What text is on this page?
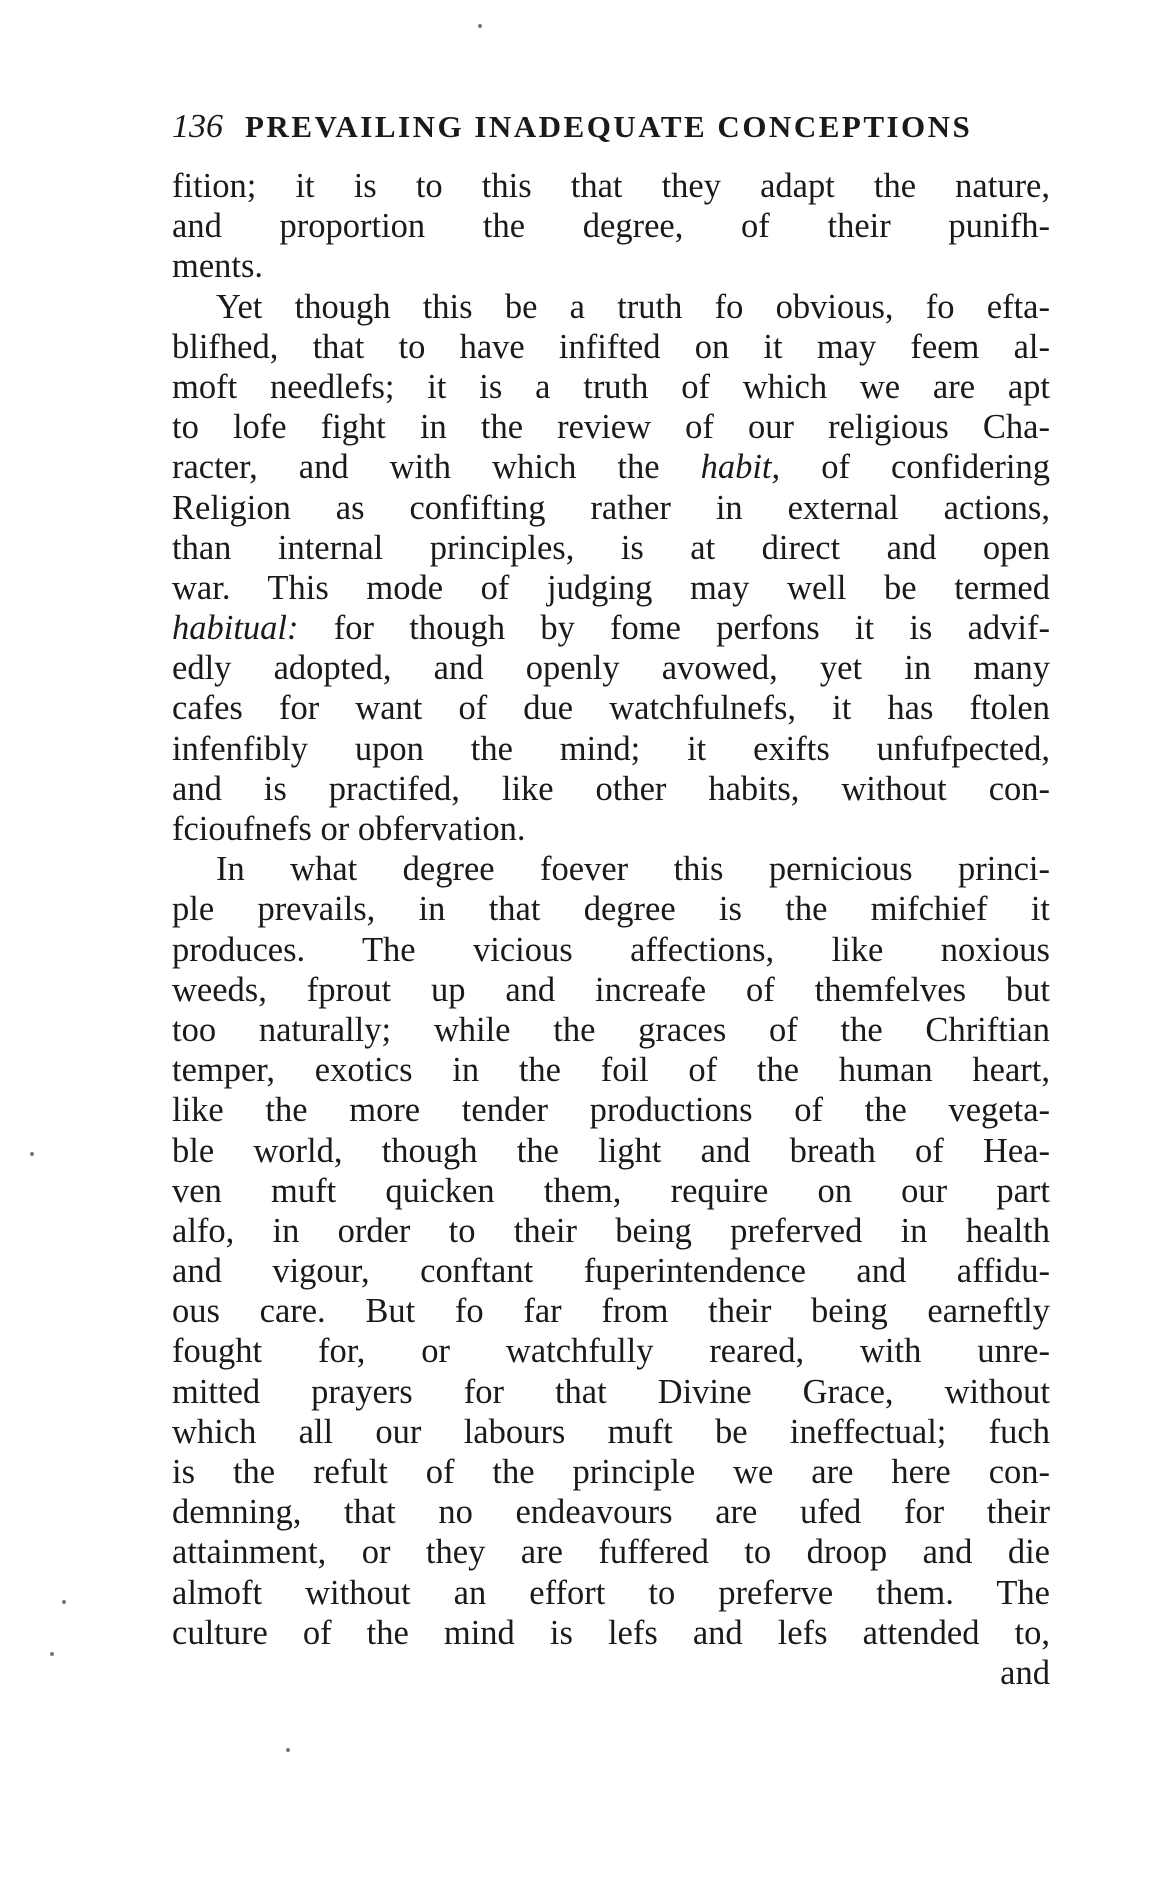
136 PREVAILING INADEQUATE CONCEPTIONS
fition; it is to this that they adapt the nature,
and proportion the degree, of their punifh-
ments.
Yet though this be a truth fo obvious, fo efta-
blifhed, that to have infifted on it may feem al-
moft needlefs; it is a truth of which we are apt
to lofe fight in the review of our religious Cha-
racter, and with which the habit, of confidering
Religion as confifting rather in external actions,
than internal principles, is at direct and open
war. This mode of judging may well be termed
habitual: for though by fome perfons it is advif-
edly adopted, and openly avowed, yet in many
cafes for want of due watchfulnefs, it has ftolen
infenfibly upon the mind; it exifts unfufpected,
and is practifed, like other habits, without con-
fcioufnefs or obfervation.
In what degree foever this pernicious princi-
ple prevails, in that degree is the mifchief it
produces. The vicious affections, like noxious
weeds, fprout up and increafe of themfelves but
too naturally; while the graces of the Chriftian
temper, exotics in the foil of the human heart,
like the more tender productions of the vegeta-
ble world, though the light and breath of Hea-
ven muft quicken them, require on our part
alfo, in order to their being preferved in health
and vigour, conftant fuperintendence and affidu-
ous care. But fo far from their being earneftly
fought for, or watchfully reared, with unre-
mitted prayers for that Divine Grace, without
which all our labours muft be ineffectual; fuch
is the refult of the principle we are here con-
demning, that no endeavours are ufed for their
attainment, or they are fuffered to droop and die
almoft without an effort to preferve them. The
culture of the mind is lefs and lefs attended to,
and
